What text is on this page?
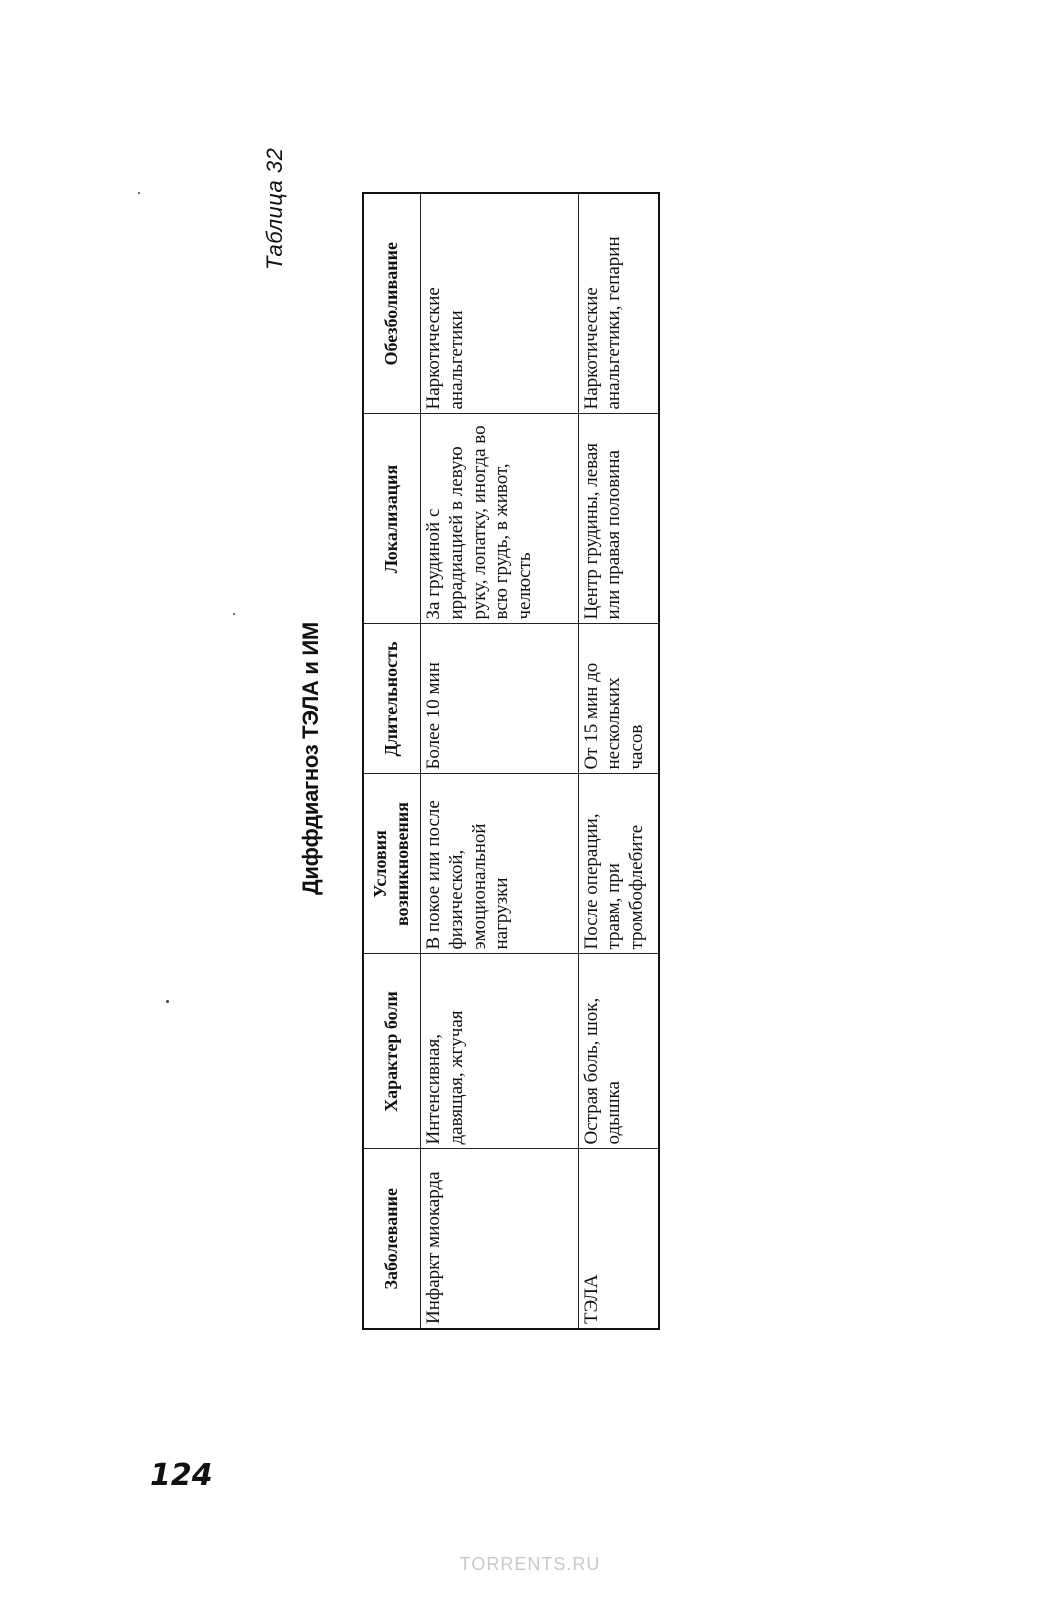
Таблица 32
Диффдиагноз ТЭЛА и ИМ
Заболевание	Характер боли	Условия возникновения	Длительность	Локализация	Обезболивание
Инфаркт миокарда	Интенсивная, давящая, жгучая	В покое или после физической, эмоциональной нагрузки	Более 10 мин	За грудиной с иррадиацией в левую руку, лопатку, иногда во всю грудь, в живот, челюсть	Наркотические анальгетики
ТЭЛА	Острая боль, шок, одышка	После операции, травм, при тромбофлебите	От 15 мин до нескольких часов	Центр грудины, левая или правая половина	Наркотические анальгетики, гепарин
124
TORRENTS.RU
